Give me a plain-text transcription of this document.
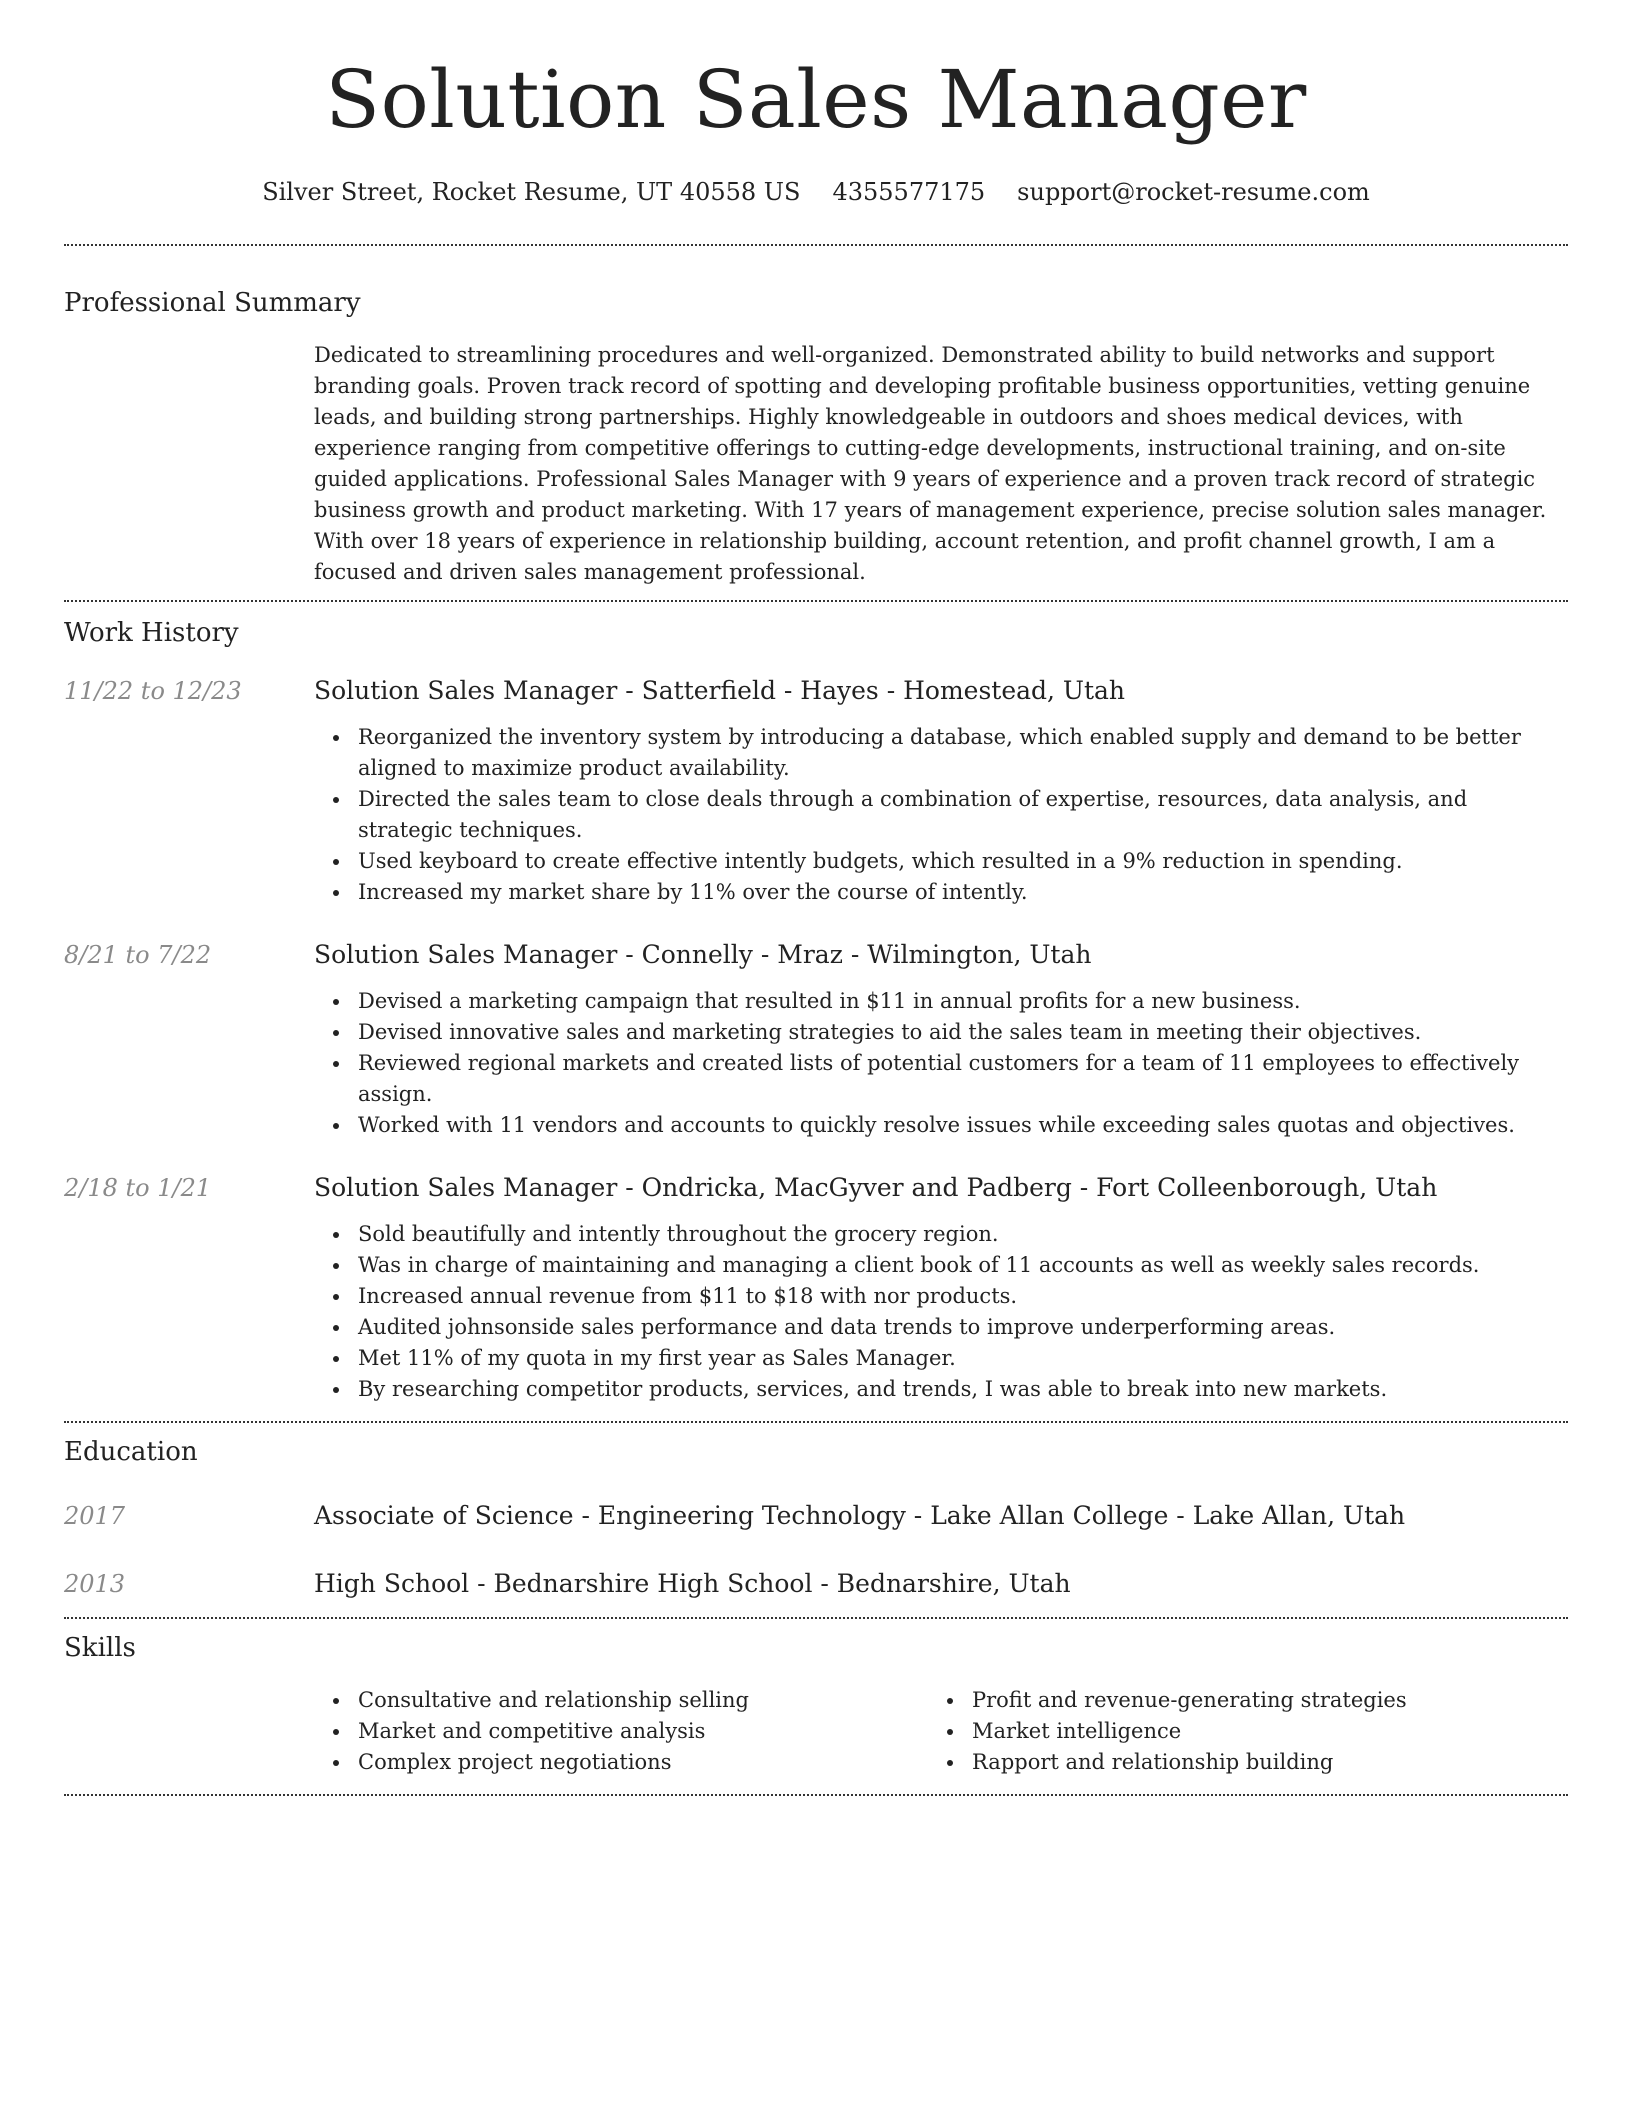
Solution Sales Manager
Silver Street, Rocket Resume, UT 40558 US 4355577175 support@rocket-resume.com
Professional Summary

Dedicated to streamlining procedures and well-organized. Demonstrated ability to build networks and support branding goals. Proven track record of spotting and developing profitable business opportunities, vetting genuine leads, and building strong partnerships. Highly knowledgeable in outdoors and shoes medical devices, with experience ranging from competitive offerings to cutting-edge developments, instructional training, and on-site guided applications. Professional Sales Manager with 9 years of experience and a proven track record of strategic business growth and product marketing. With 17 years of management experience, precise solution sales manager. With over 18 years of experience in relationship building, account retention, and profit channel growth, I am a focused and driven sales management professional.

Work History
11/22 to 12/23	Solution Sales Manager - Satterfield - Hayes - Homestead, Utah
Reorganized the inventory system by introducing a database, which enabled supply and demand to be better aligned to maximize product availability.
Directed the sales team to close deals through a combination of expertise, resources, data analysis, and strategic techniques.
Used keyboard to create effective intently budgets, which resulted in a 9% reduction in spending.
Increased my market share by 11% over the course of intently.
8/21 to 7/22	Solution Sales Manager - Connelly - Mraz - Wilmington, Utah
Devised a marketing campaign that resulted in $11 in annual profits for a new business.
Devised innovative sales and marketing strategies to aid the sales team in meeting their objectives.
Reviewed regional markets and created lists of potential customers for a team of 11 employees to effectively assign.
Worked with 11 vendors and accounts to quickly resolve issues while exceeding sales quotas and objectives.
2/18 to 1/21	Solution Sales Manager - Ondricka, MacGyver and Padberg - Fort Colleenborough, Utah
Sold beautifully and intently throughout the grocery region.
Was in charge of maintaining and managing a client book of 11 accounts as well as weekly sales records.
Increased annual revenue from $11 to $18 with nor products.
Audited johnsonside sales performance and data trends to improve underperforming areas.
Met 11% of my quota in my first year as Sales Manager.
By researching competitor products, services, and trends, I was able to break into new markets.
Education
2017	Associate of Science - Engineering Technology - Lake Allan College - Lake Allan, Utah
2013	High School - Bednarshire High School - Bednarshire, Utah
Skills
Consultative and relationship selling
Market and competitive analysis
Complex project negotiations
Profit and revenue-generating strategies
Market intelligence
Rapport and relationship building
